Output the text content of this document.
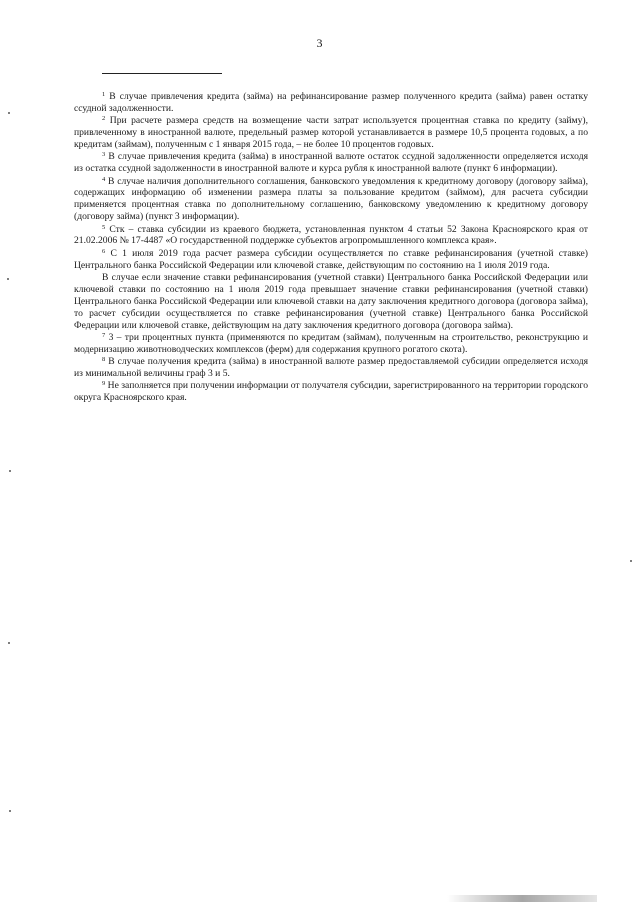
3

$^1$ В случае привлечения кредита (займа) на рефинансирование размер полученного кредита (займа) равен остатку ссудной задолженности.

$^2$ При расчете размера средств на возмещение части затрат используется процентная ставка по кредиту (займу), привлеченному в иностранной валюте, предельный размер которой устанавливается в размере 10,5 процента годовых, а по кредитам (займам), полученным с 1 января 2015 года, – не более 10 процентов годовых.

$^3$ В случае привлечения кредита (займа) в иностранной валюте остаток ссудной задолженности определяется исходя из остатка ссудной задолженности в иностранной валюте и курса рубля к иностранной валюте (пункт 6 информации).

$^4$ В случае наличия дополнительного соглашения, банковского уведомления к кредитному договору (договору займа), содержащих информацию об изменении размера платы за пользование кредитом (займом), для расчета субсидии применяется процентная ставка по дополнительному соглашению, банковскому уведомлению к кредитному договору (договору займа) (пункт 3 информации).

$^5$ Стк – ставка субсидии из краевого бюджета, установленная пунктом 4 статьи 52 Закона Красноярского края от 21.02.2006 № 17-4487 «О государственной поддержке субъектов агропромышленного комплекса края».

$^6$ С 1 июля 2019 года расчет размера субсидии осуществляется по ставке рефинансирования (учетной ставке) Центрального банка Российской Федерации или ключевой ставке, действующим по состоянию на 1 июля 2019 года.

В случае если значение ставки рефинансирования (учетной ставки) Центрального банка Российской Федерации или ключевой ставки по состоянию на 1 июля 2019 года превышает значение ставки рефинансирования (учетной ставки) Центрального банка Российской Федерации или ключевой ставки на дату заключения кредитного договора (договора займа), то расчет субсидии осуществляется по ставке рефинансирования (учетной ставке) Центрального банка Российской Федерации или ключевой ставке, действующим на дату заключения кредитного договора (договора займа).

$^7$ 3 – три процентных пункта (применяются по кредитам (займам), полученным на строительство, реконструкцию и модернизацию животноводческих комплексов (ферм) для содержания крупного рогатого скота).

$^8$ В случае получения кредита (займа) в иностранной валюте размер предоставляемой субсидии определяется исходя из минимальной величины граф 3 и 5.

$^9$ Не заполняется при получении информации от получателя субсидии, зарегистрированного на территории городского округа Красноярского края.
